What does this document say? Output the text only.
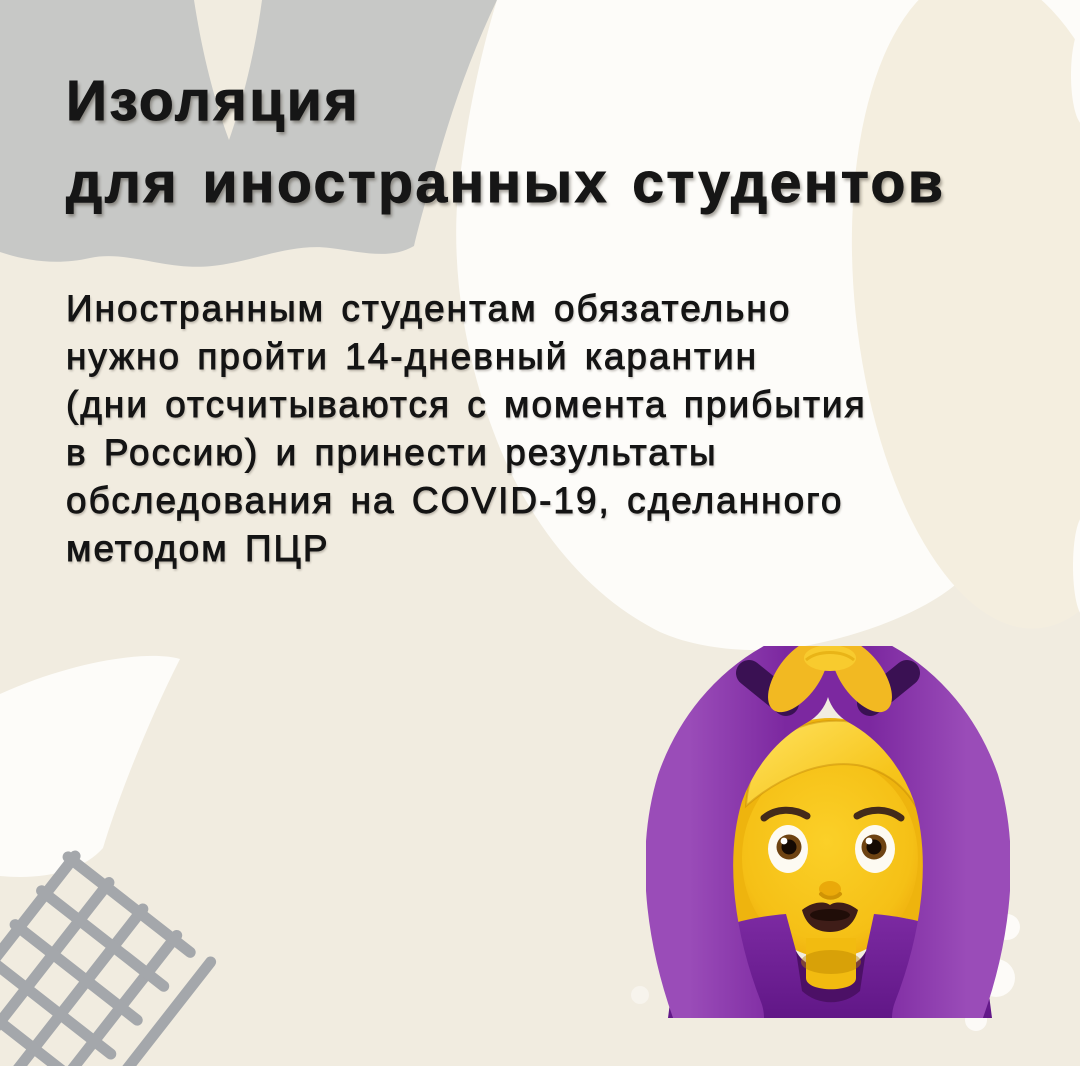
Изоляция
для иностранных студентов
Иностранным студентам обязательно
нужно пройти 14-дневный карантин
(дни отсчитываются с момента прибытия
в Россию) и принести результаты
обследования на COVID-19, сделанного
методом ПЦР
